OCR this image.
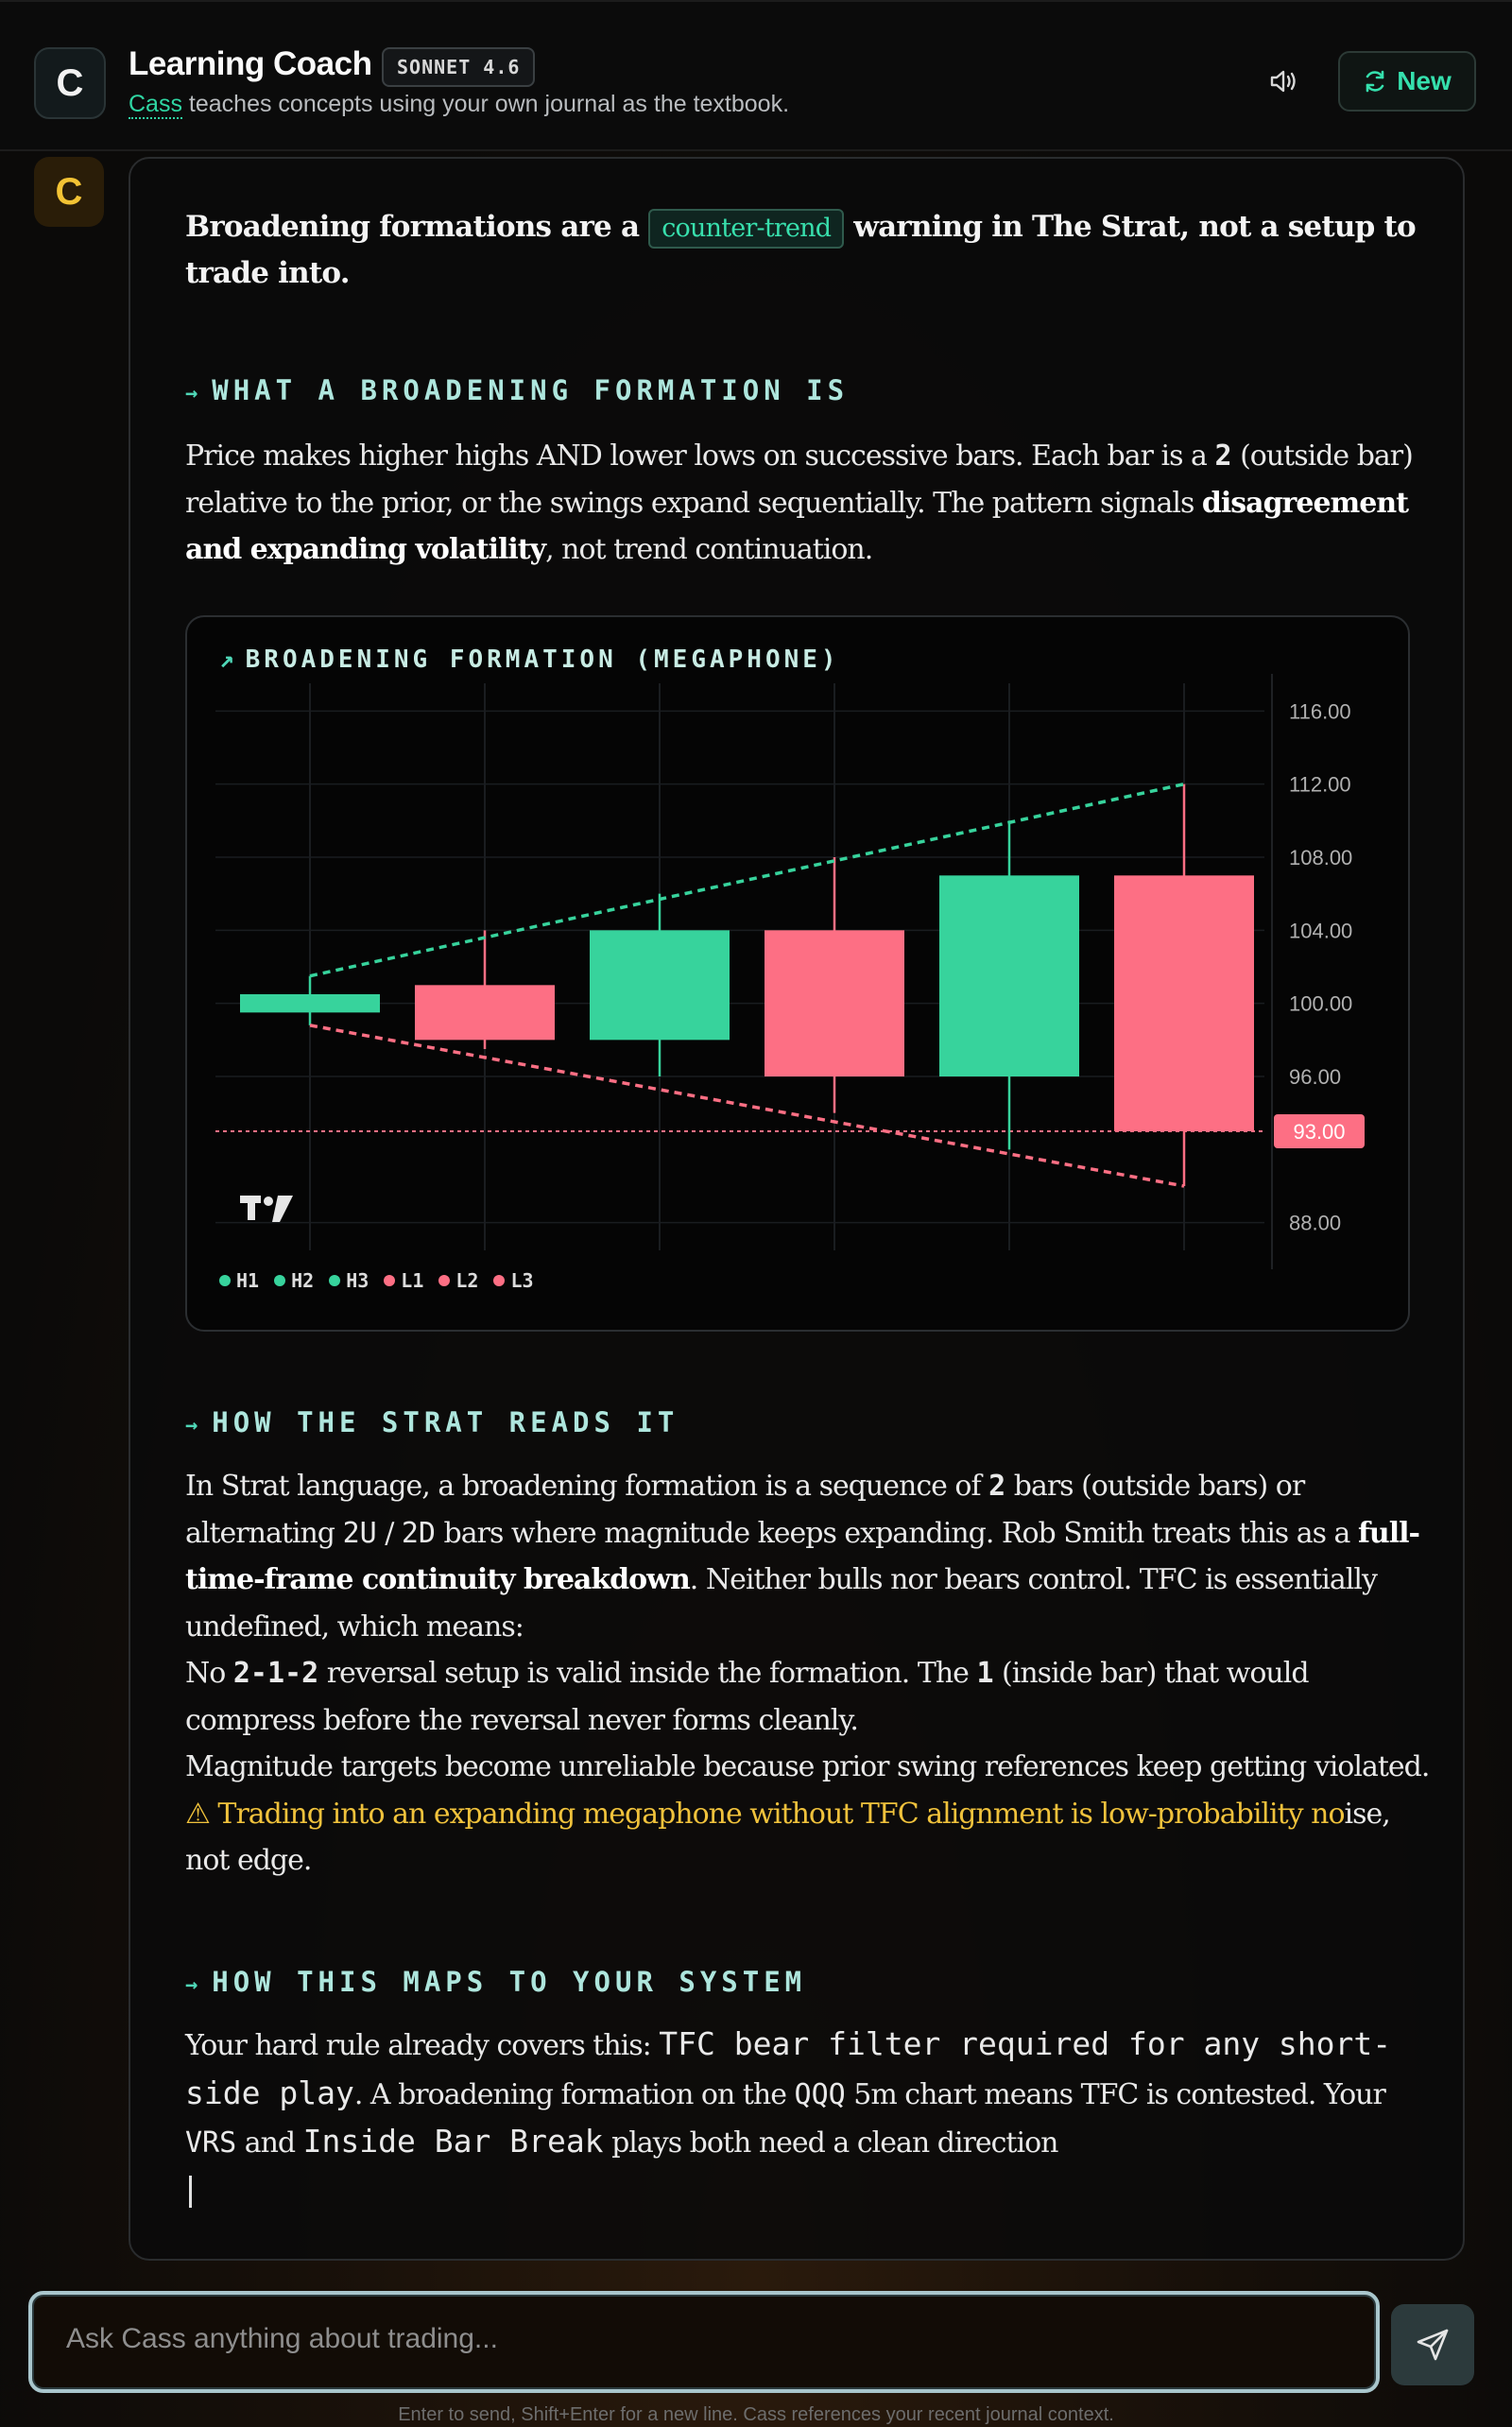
C	Learning Coach	SONNET 4.6
Cass teaches concepts using your own journal as the textbook.
New
C
Broadening formations are a counter-trend warning in The Strat, not a setup to trade into.
→ WHAT A BROADENING FORMATION IS
Price makes higher highs AND lower lows on successive bars. Each bar is a 2 (outside bar) relative to the prior, or the swings expand sequentially. The pattern signals disagreement and expanding volatility, not trend continuation.
↗ BROADENING FORMATION (MEGAPHONE)
116.00
112.00
108.00
104.00
100.00
96.00
88.00
93.00
H1 H2 H3 L1 L2 L3
→ HOW THE STRAT READS IT
In Strat language, a broadening formation is a sequence of 2 bars (outside bars) or alternating 2U / 2D bars where magnitude keeps expanding. Rob Smith treats this as a full-time-frame continuity breakdown. Neither bulls nor bears control. TFC is essentially undefined, which means:
No 2-1-2 reversal setup is valid inside the formation. The 1 (inside bar) that would compress before the reversal never forms cleanly.
Magnitude targets become unreliable because prior swing references keep getting violated.
⚠ Trading into an expanding megaphone without TFC alignment is low-probability noise, not edge.
→ HOW THIS MAPS TO YOUR SYSTEM
Your hard rule already covers this: TFC bear filter required for any short-side play. A broadening formation on the QQQ 5m chart means TFC is contested. Your VRS and Inside Bar Break plays both need a clean direction

Ask Cass anything about trading...
Enter to send, Shift+Enter for a new line. Cass references your recent journal context.
